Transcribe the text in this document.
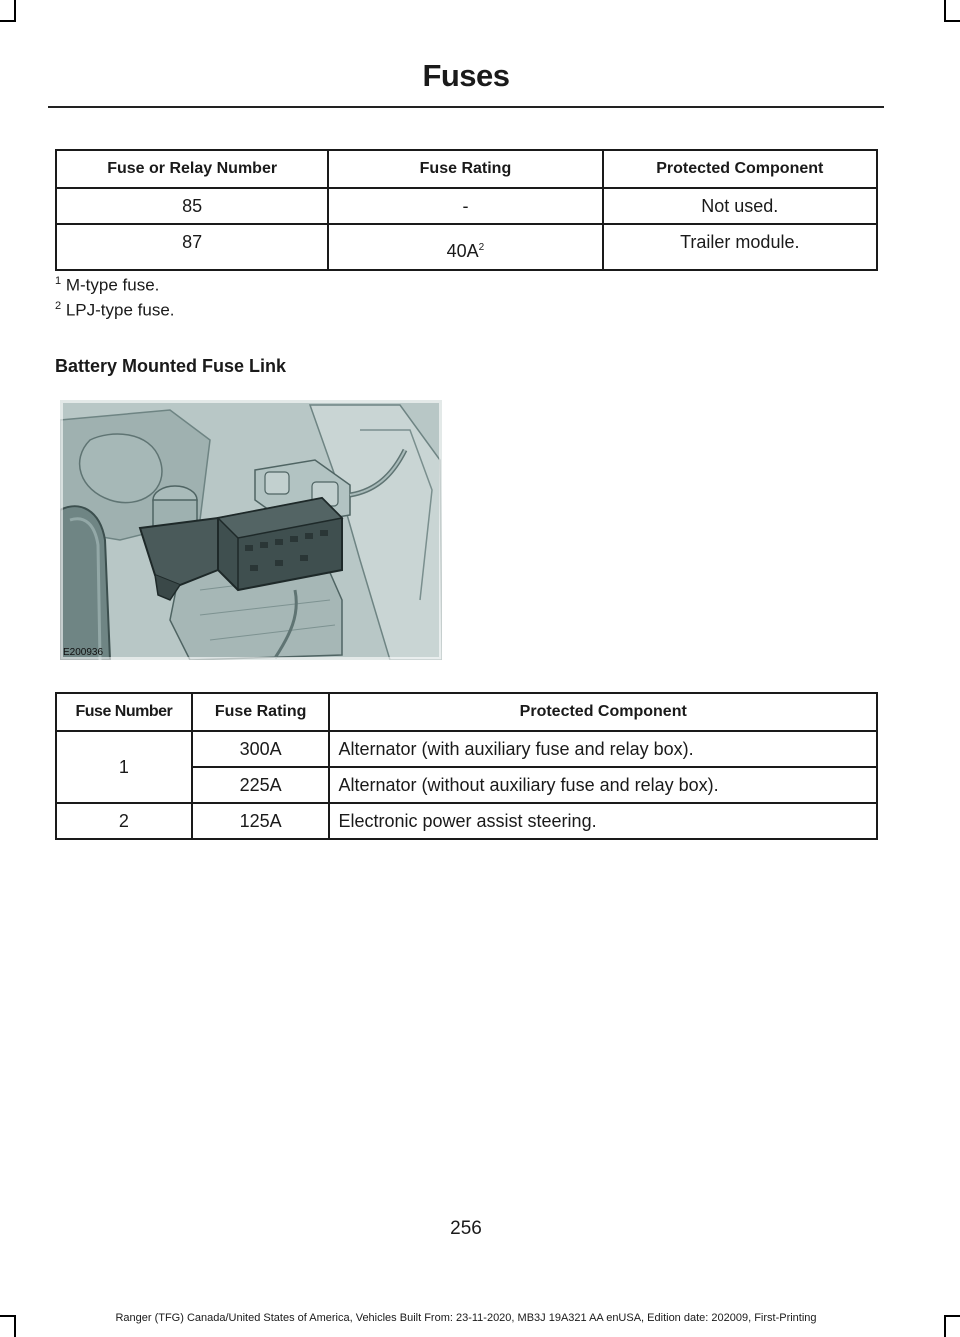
Fuses
Fuse or Relay Number	Fuse Rating	Protected Component
85	-	Not used.
87	$40A^2$	Trailer module.
$^1$ M-type fuse.
$^2$ LPJ-type fuse.
Battery Mounted Fuse Link
E200936
Fuse Number	Fuse Rating	Protected Component
1	300A	Alternator (with auxiliary fuse and relay box).
	225A	Alternator (without auxiliary fuse and relay box).
2	125A	Electronic power assist steering.
256
Ranger (TFG) Canada/United States of America, Vehicles Built From: 23-11-2020, MB3J 19A321 AA enUSA, Edition date: 202009, First-Printing
